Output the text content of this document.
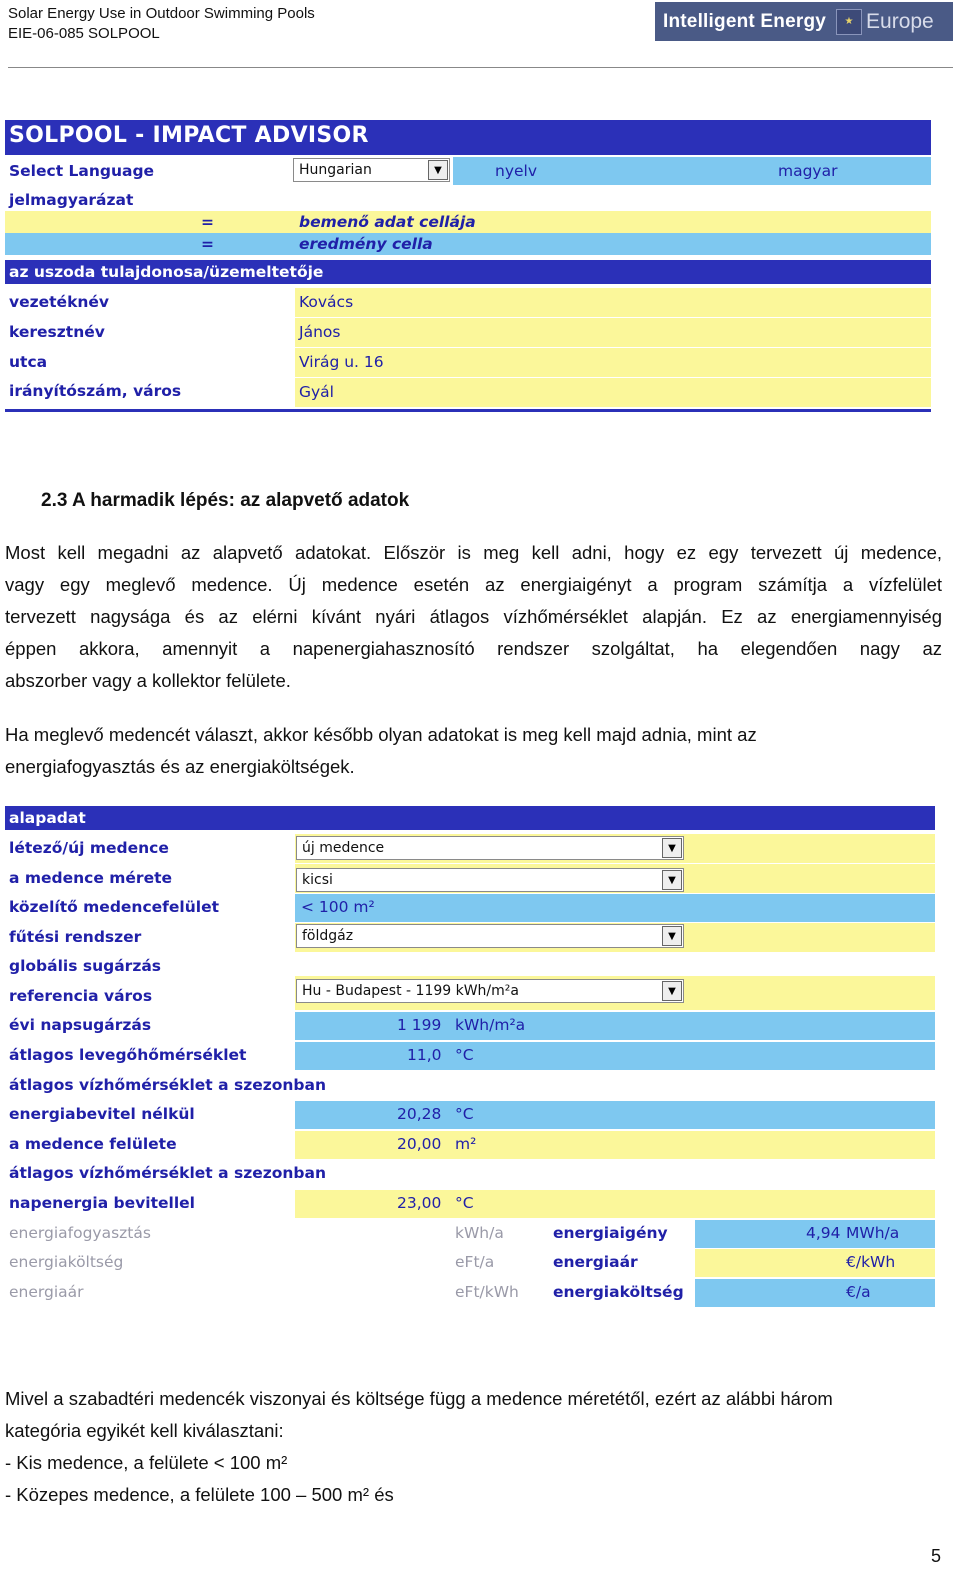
Solar Energy Use in Outdoor Swimming Pools
EIE-06-085 SOLPOOL
Intelligent Energy	★ Europe
SOLPOOL - IMPACT ADVISOR
Select Language	Hungarian	▼	nyelv	magyar
jelmagyarázat
=	bemenő adat cellája
=	eredmény cella
az uszoda tulajdonosa/üzemeltetője
vezetéknév	Kovács
keresztnév	János
utca	Virág u. 16
irányítószám, város	Gyál
2.3 A harmadik lépés: az alapvető adatok
Most kell megadni az alapvető adatokat. Először is meg kell adni, hogy ez egy tervezett új medence,
vagy egy meglevő medence. Új medence esetén az energiaigényt a program számítja a vízfelület
tervezett nagysága és az elérni kívánt nyári átlagos vízhőmérséklet alapján. Ez az energiamennyiség
éppen akkora, amennyit a napenergiahasznosító rendszer szolgáltat, ha elegendően nagy az
abszorber vagy a kollektor felülete.
Ha meglevő medencét választ, akkor később olyan adatokat is meg kell majd adnia, mint az
energiafogyasztás és az energiaköltségek.
alapadat
létező/új medence	új medence	▼
a medence mérete	kicsi	▼
közelítő medencefelület	< 100 m²
fűtési rendszer	földgáz	▼
globális sugárzás
referencia város	Hu - Budapest - 1199 kWh/m²a	▼
évi napsugárzás	1 199 kWh/m²a
átlagos levegőhőmérséklet	11,0 °C
átlagos vízhőmérséklet a szezonban
energiabevitel nélkül	20,28 °C
a medence felülete	20,00 m²
átlagos vízhőmérséklet a szezonban
napenergia bevitellel	23,00 °C
energiafogyasztás	kWh/a	energiaigény	4,94 MWh/a
energiaköltség	eFt/a	energiaár	€/kWh
energiaár	eFt/kWh energiaköltség	€/a
Mivel a szabadtéri medencék viszonyai és költsége függ a medence méretétől, ezért az alábbi három
kategória egyikét kell kiválasztani:
- Kis medence, a felülete < 100 m²
- Közepes medence, a felülete 100 – 500 m² és
5
